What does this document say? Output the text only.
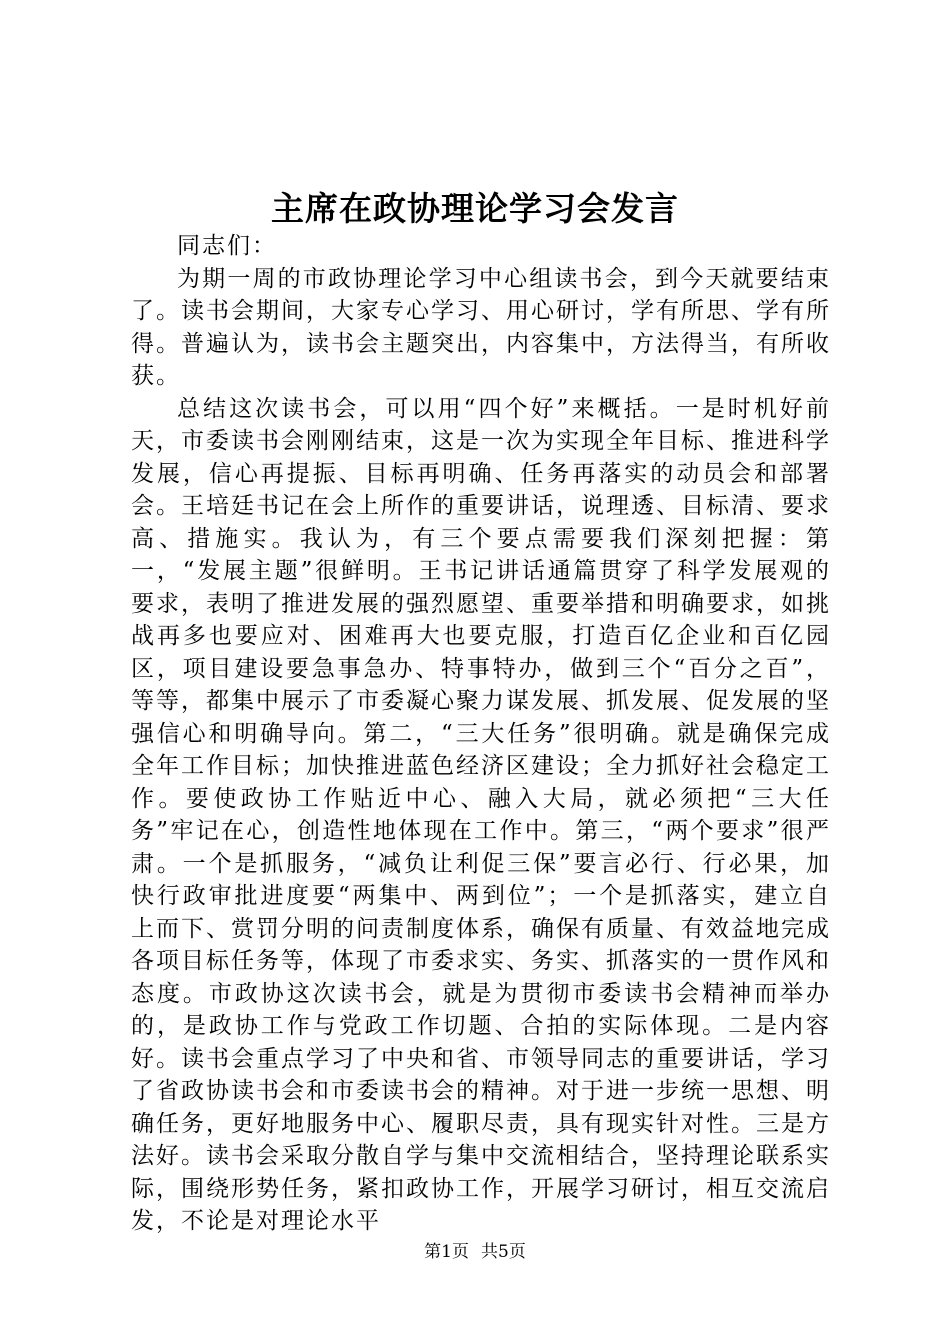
主席在政协理论学习会发言

同志们：

为期一周的市政协理论学习中心组读书会，到今天就要结束了。读书会期间，大家专心学习、用心研讨，学有所思、学有所得。普遍认为，读书会主题突出，内容集中，方法得当，有所收获。

总结这次读书会，可以用“四个好”来概括。一是时机好前天，市委读书会刚刚结束，这是一次为实现全年目标、推进科学发展，信心再提振、目标再明确、任务再落实的动员会和部署会。王培廷书记在会上所作的重要讲话，说理透、目标清、要求高、措施实。我认为，有三个要点需要我们深刻把握：第一，“发展主题”很鲜明。王书记讲话通篇贯穿了科学发展观的要求，表明了推进发展的强烈愿望、重要举措和明确要求，如挑战再多也要应对、困难再大也要克服，打造百亿企业和百亿园区，项目建设要急事急办、特事特办，做到三个“百分之百”，等等，都集中展示了市委凝心聚力谋发展、抓发展、促发展的坚强信心和明确导向。第二，“三大任务”很明确。就是确保完成全年工作目标；加快推进蓝色经济区建设；全力抓好社会稳定工作。要使政协工作贴近中心、融入大局，就必须把“三大任务”牢记在心，创造性地体现在工作中。第三，“两个要求”很严肃。一个是抓服务，“减负让利促三保”要言必行、行必果，加快行政审批进度要“两集中、两到位”；一个是抓落实，建立自上而下、赏罚分明的问责制度体系，确保有质量、有效益地完成各项目标任务等，体现了市委求实、务实、抓落实的一贯作风和态度。市政协这次读书会，就是为贯彻市委读书会精神而举办的，是政协工作与党政工作切题、合拍的实际体现。二是内容好。读书会重点学习了中央和省、市领导同志的重要讲话，学习了省政协读书会和市委读书会的精神。对于进一步统一思想、明确任务，更好地服务中心、履职尽责，具有现实针对性。三是方法好。读书会采取分散自学与集中交流相结合，坚持理论联系实际，围绕形势任务，紧扣政协工作，开展学习研讨，相互交流启发，不论是对理论水平

第1页 共5页
